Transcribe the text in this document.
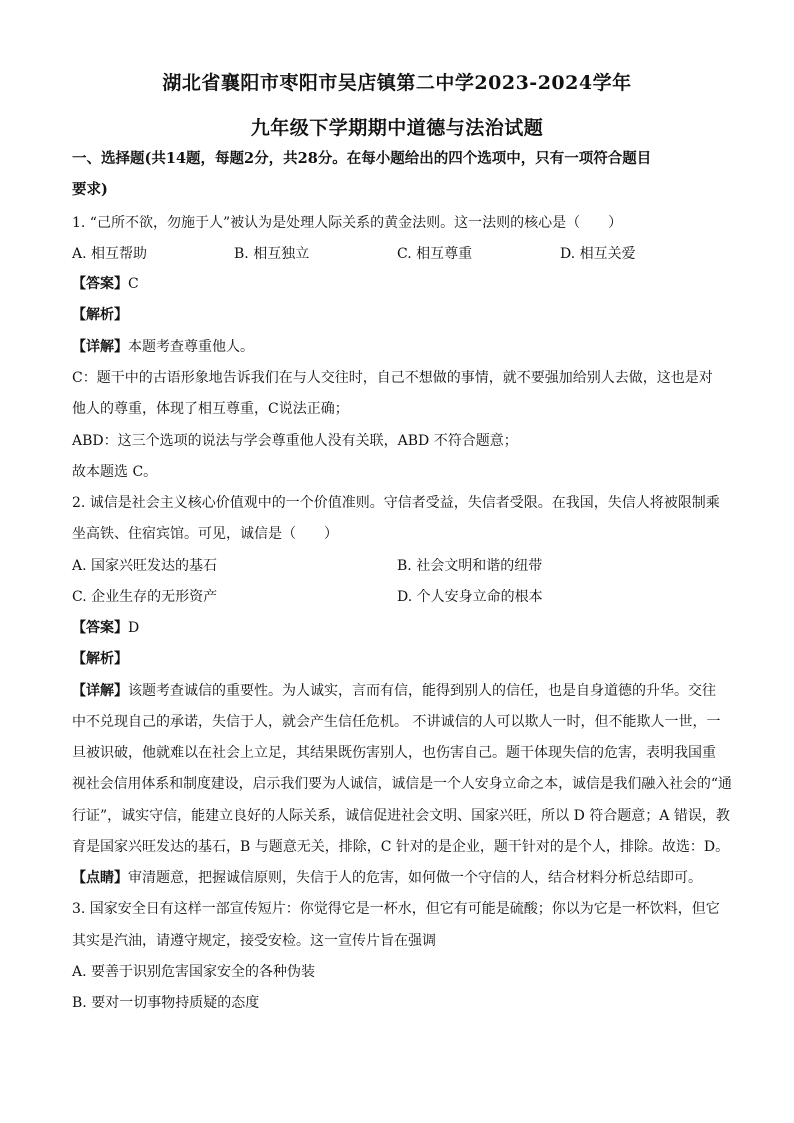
湖北省襄阳市枣阳市吴店镇第二中学2023-2024学年
九年级下学期期中道德与法治试题
一、选择题(共14题，每题2分，共28分。在每小题给出的四个选项中，只有一项符合题目
要求)
1. “己所不欲，勿施于人”被认为是处理人际关系的黄金法则。这一法则的核心是（　　）
A. 相互帮助	B. 相互独立	C. 相互尊重	D. 相互关爱
【答案】C
【解析】
【详解】本题考查尊重他人。
C：题干中的古语形象地告诉我们在与人交往时，自己不想做的事情，就不要强加给别人去做，这也是对
他人的尊重，体现了相互尊重，C说法正确；
ABD：这三个选项的说法与学会尊重他人没有关联，ABD 不符合题意；
故本题选 C。
2. 诚信是社会主义核心价值观中的一个价值准则。守信者受益，失信者受限。在我国，失信人将被限制乘
坐高铁、住宿宾馆。可见，诚信是（　　）
A. 国家兴旺发达的基石	B. 社会文明和谐的纽带
C. 企业生存的无形资产	D. 个人安身立命的根本
【答案】D
【解析】
【详解】该题考查诚信的重要性。为人诚实，言而有信，能得到别人的信任，也是自身道德的升华。交往
中不兑现自己的承诺，失信于人，就会产生信任危机。 不讲诚信的人可以欺人一时，但不能欺人一世，一
旦被识破，他就难以在社会上立足，其结果既伤害别人，也伤害自己。题干体现失信的危害，表明我国重
视社会信用体系和制度建设，启示我们要为人诚信，诚信是一个人安身立命之本，诚信是我们融入社会的“通
行证”，诚实守信，能建立良好的人际关系，诚信促进社会文明、国家兴旺，所以 D 符合题意；A 错误，教
育是国家兴旺发达的基石，B 与题意无关，排除，C 针对的是企业，题干针对的是个人，排除。故选：D。
【点睛】审清题意，把握诚信原则，失信于人的危害，如何做一个守信的人，结合材料分析总结即可。
3. 国家安全日有这样一部宣传短片：你觉得它是一杯水，但它有可能是硫酸；你以为它是一杯饮料，但它
其实是汽油，请遵守规定，接受安检。这一宣传片旨在强调
A. 要善于识别危害国家安全的各种伪装
B. 要对一切事物持质疑的态度
